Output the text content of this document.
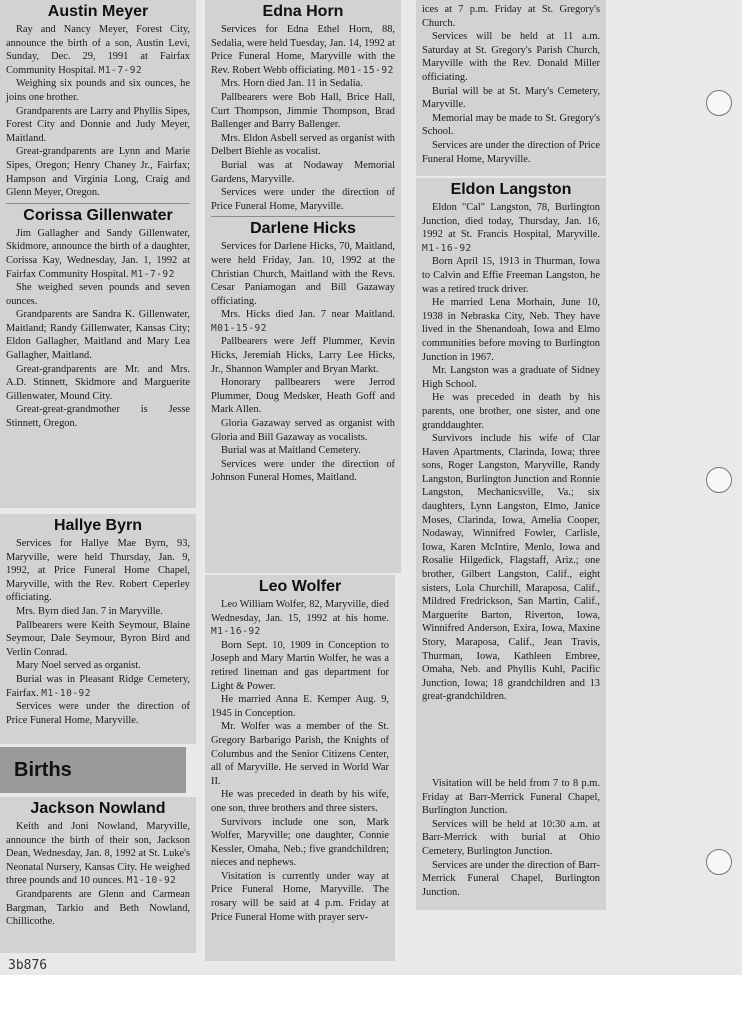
Austin Meyer

Ray and Nancy Meyer, Forest City, announce the birth of a son, Austin Levi, Sunday, Dec. 29, 1991 at Fairfax Community Hospital. M1-7-92

Weighing six pounds and six ounces, he joins one brother.

Grandparents are Larry and Phyllis Sipes, Forest City and Donnie and Judy Meyer, Maitland.

Great-grandparents are Lynn and Marie Sipes, Oregon; Henry Chaney Jr., Fairfax; Hampson and Virginia Long, Craig and Glenn Meyer, Oregon.

Corissa Gillenwater

Jim Gallagher and Sandy Gillenwater, Skidmore, announce the birth of a daughter, Corissa Kay, Wednesday, Jan. 1, 1992 at Fairfax Community Hospital. M1-7-92

She weighed seven pounds and seven ounces.

Grandparents are Sandra K. Gillenwater, Maitland; Randy Gillenwater, Kansas City; Eldon Gallagher, Maitland and Mary Lea Gallagher, Maitland.

Great-grandparents are Mr. and Mrs. A.D. Stinnett, Skidmore and Marguerite Gillenwater, Mound City.

Great-great-grandmother is Jesse Stinnett, Oregon.

Hallye Byrn

Services for Hallye Mae Byrn, 93, Maryville, were held Thursday, Jan. 9, 1992, at Price Funeral Home Chapel, Maryville, with the Rev. Robert Ceperley officiating.

Mrs. Byrn died Jan. 7 in Maryville.

Pallbearers were Keith Seymour, Blaine Seymour, Dale Seymour, Byron Bird and Verlin Conrad.

Mary Noel served as organist.

Burial was in Pleasant Ridge Cemetery, Fairfax. M1-10-92

Services were under the direction of Price Funeral Home, Maryville.

Births
Jackson Nowland

Keith and Joni Nowland, Maryville, announce the birth of their son, Jackson Dean, Wednesday, Jan. 8, 1992 at St. Luke's Neonatal Nursery, Kansas City. He weighed three pounds and 10 ounces. M1-10-92

Grandparents are Glenn and Carmean Bargman, Tarkio and Beth Nowland, Chillicothe.

Edna Horn

Services for Edna Ethel Horn, 88, Sedalia, were held Tuesday, Jan. 14, 1992 at Price Funeral Home, Maryville with the Rev. Robert Webb officiating. M01-15-92

Mrs. Horn died Jan. 11 in Sedalia.

Pallbearers were Bob Hall, Brice Hall, Curt Thompson, Jimmie Thompson, Brad Ballenger and Barry Ballenger.

Mrs. Eldon Asbell served as organist with Delbert Biehle as vocalist.

Burial was at Nodaway Memorial Gardens, Maryville.

Services were under the direction of Price Funeral Home, Maryville.

Darlene Hicks

Services for Darlene Hicks, 70, Maitland, were held Friday, Jan. 10, 1992 at the Christian Church, Maitland with the Revs. Cesar Paniamogan and Bill Gazaway officiating.

Mrs. Hicks died Jan. 7 near Maitland. M01-15-92

Pallbearers were Jeff Plummer, Kevin Hicks, Jeremiah Hicks, Larry Lee Hicks, Jr., Shannon Wampler and Bryan Markt.

Honorary pallbearers were Jerrod Plummer, Doug Medsker, Heath Goff and Mark Allen.

Gloria Gazaway served as organist with Gloria and Bill Gazaway as vocalists.

Burial was at Maitland Cemetery.

Services were under the direction of Johnson Funeral Homes, Maitland.

Leo Wolfer

Leo William Wolfer, 82, Maryville, died Wednesday, Jan. 15, 1992 at his home. M1-16-92

Born Sept. 10, 1909 in Conception to Joseph and Mary Martin Wolfer, he was a retired lineman and gas department for Light & Power.

He married Anna E. Kemper Aug. 9, 1945 in Conception.

Mr. Wolfer was a member of the St. Gregory Barbarigo Parish, the Knights of Columbus and the Senior Citizens Center, all of Maryville. He served in World War II.

He was preceded in death by his wife, one son, three brothers and three sisters.

Survivors include one son, Mark Wolfer, Maryville; one daughter, Connie Kessler, Omaha, Neb.; five grandchildren; nieces and nephews.

Visitation is currently under way at Price Funeral Home, Maryville. The rosary will be said at 4 p.m. Friday at Price Funeral Home with prayer serv-

ices at 7 p.m. Friday at St. Gregory's Church.

Services will be held at 11 a.m. Saturday at St. Gregory's Parish Church, Maryville with the Rev. Donald Miller officiating.

Burial will be at St. Mary's Cemetery, Maryville.

Memorial may be made to St. Gregory's School.

Services are under the direction of Price Funeral Home, Maryville.

Eldon Langston

Eldon "Cal" Langston, 78, Burlington Junction, died today, Thursday, Jan. 16, 1992 at St. Francis Hospital, Maryville. M1-16-92

Born April 15, 1913 in Thurman, Iowa to Calvin and Effie Freeman Langston, he was a retired truck driver.

He married Lena Morhain, June 10, 1938 in Nebraska City, Neb. They have lived in the Shenandoah, Iowa and Elmo communities before moving to Burlington Junction in 1967.

Mr. Langston was a graduate of Sidney High School.

He was preceded in death by his parents, one brother, one sister, and one granddaughter.

Survivors include his wife of Clar Haven Apartments, Clarinda, Iowa; three sons, Roger Langston, Maryville, Randy Langston, Burlington Junction and Ronnie Langston, Mechanicsville, Va.; six daughters, Lynn Langston, Elmo, Janice Moses, Clarinda, Iowa, Amelia Cooper, Nodaway, Winnifred Fowler, Carlisle, Iowa, Karen McIntire, Menlo, Iowa and Rosalie Hilgedick, Flagstaff, Ariz.; one brother, Gilbert Langston, Calif., eight sisters, Lola Churchill, Maraposa, Calif., Mildred Fredrickson, San Martin, Calif., Marguerite Barton, Riverton, Iowa, Winnifred Anderson, Exira, Iowa, Maxine Story, Maraposa, Calif., Jean Travis, Thurman, Iowa, Kathleen Embree, Omaha, Neb. and Phyllis Kuhl, Pacific Junction, Iowa; 18 grandchildren and 13 great-grandchildren.

Visitation will be held from 7 to 8 p.m. Friday at Barr-Merrick Funeral Chapel, Burlington Junction.

Services will be held at 10:30 a.m. at Barr-Merrick with burial at Ohio Cemetery, Burlington Junction.

Services are under the direction of Barr-Merrick Funeral Chapel, Burlington Junction.

3b876
